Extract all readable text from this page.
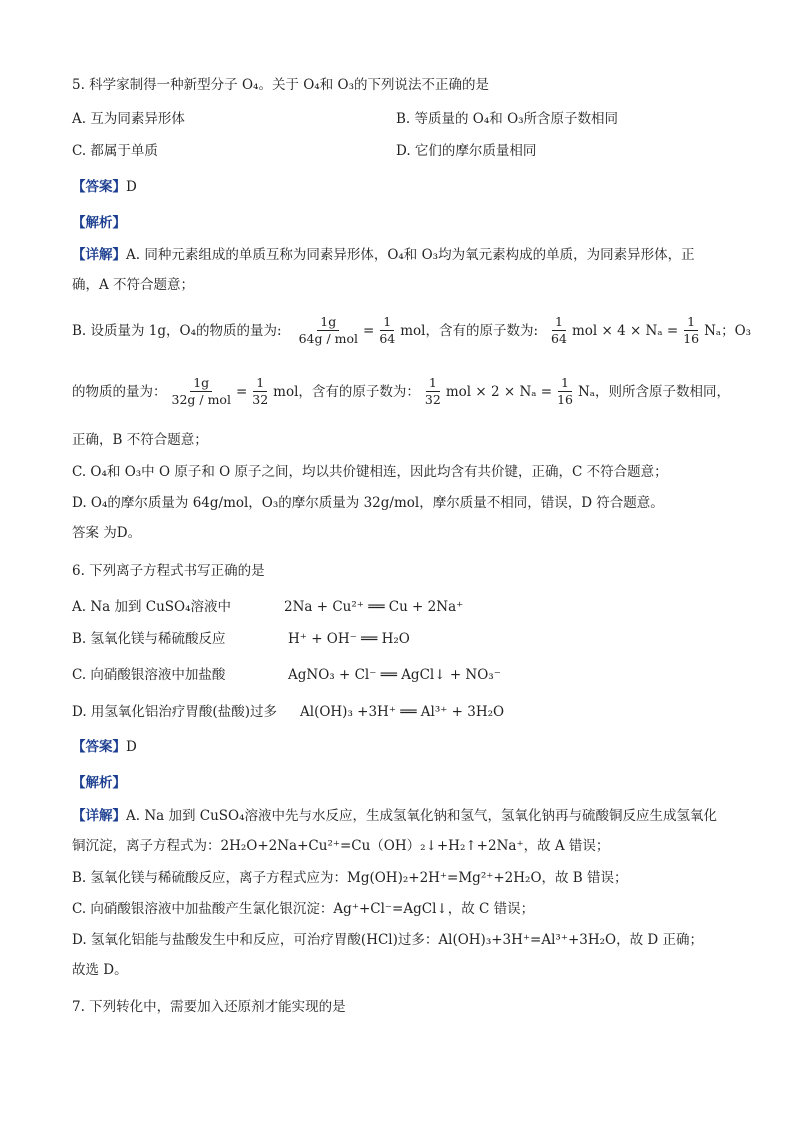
5. 科学家制得一种新型分子 O₄。关于 O₄和 O₃的下列说法不正确的是
A. 互为同素异形体	B. 等质量的 O₄和 O₃所含原子数相同
C. 都属于单质	D. 它们的摩尔质量相同
【答案】D
【解析】
【详解】A. 同种元素组成的单质互称为同素异形体，O₄和 O₃均为氧元素构成的单质，为同素异形体，正
确，A 不符合题意；
B. 设质量为 1g，O₄的物质的量为: $\frac{1g}{\text{64g / mol}} = \frac{1}{64}$ mol，含有的原子数为: $\frac{1}{64}$ mol × $4 \times N_a = \frac{1}{16}$ Nₐ；O₃
的物质的量为： $\frac{1g}{\text{32g / mol}} = \frac{1}{32}$ mol，含有的原子数为： $\frac{1}{32}$ mol × $2 \times N_a = \frac{1}{16}$ Nₐ，则所含原子数相同，
正确，B 不符合题意；
C. O₄和 O₃中 O 原子和 O 原子之间，均以共价键相连，因此均含有共价键，正确，C 不符合题意；
D. O₄的摩尔质量为 64g/mol，O₃的摩尔质量为 32g/mol，摩尔质量不相同，错误，D 符合题意。
答案 为D。
6. 下列离子方程式书写正确的是
A. Na 加到 CuSO₄溶液中	2Na + Cu²⁺ ══ Cu + 2Na⁺
B. 氢氧化镁与稀硫酸反应	H⁺ + OH⁻ ══ H₂O
C. 向硝酸银溶液中加盐酸	AgNO₃ + Cl⁻ ══ AgCl↓ + NO₃⁻
D. 用氢氧化铝治疗胃酸(盐酸)过多 Al(OH)₃ +3H⁺ ══ Al³⁺ + 3H₂O
【答案】D
【解析】
【详解】A. Na 加到 CuSO₄溶液中先与水反应，生成氢氧化钠和氢气，氢氧化钠再与硫酸铜反应生成氢氧化
铜沉淀，离子方程式为：2H₂O+2Na+Cu²⁺=Cu（OH）₂↓+H₂↑+2Na⁺，故 A 错误；
B. 氢氧化镁与稀硫酸反应，离子方程式应为：Mg(OH)₂+2H⁺=Mg²⁺+2H₂O，故 B 错误；
C. 向硝酸银溶液中加盐酸产生氯化银沉淀：Ag⁺+Cl⁻=AgCl↓，故 C 错误；
D. 氢氧化铝能与盐酸发生中和反应，可治疗胃酸(HCl)过多：Al(OH)₃+3H⁺=Al³⁺+3H₂O，故 D 正确；
故选 D。
7. 下列转化中，需要加入还原剂才能实现的是
